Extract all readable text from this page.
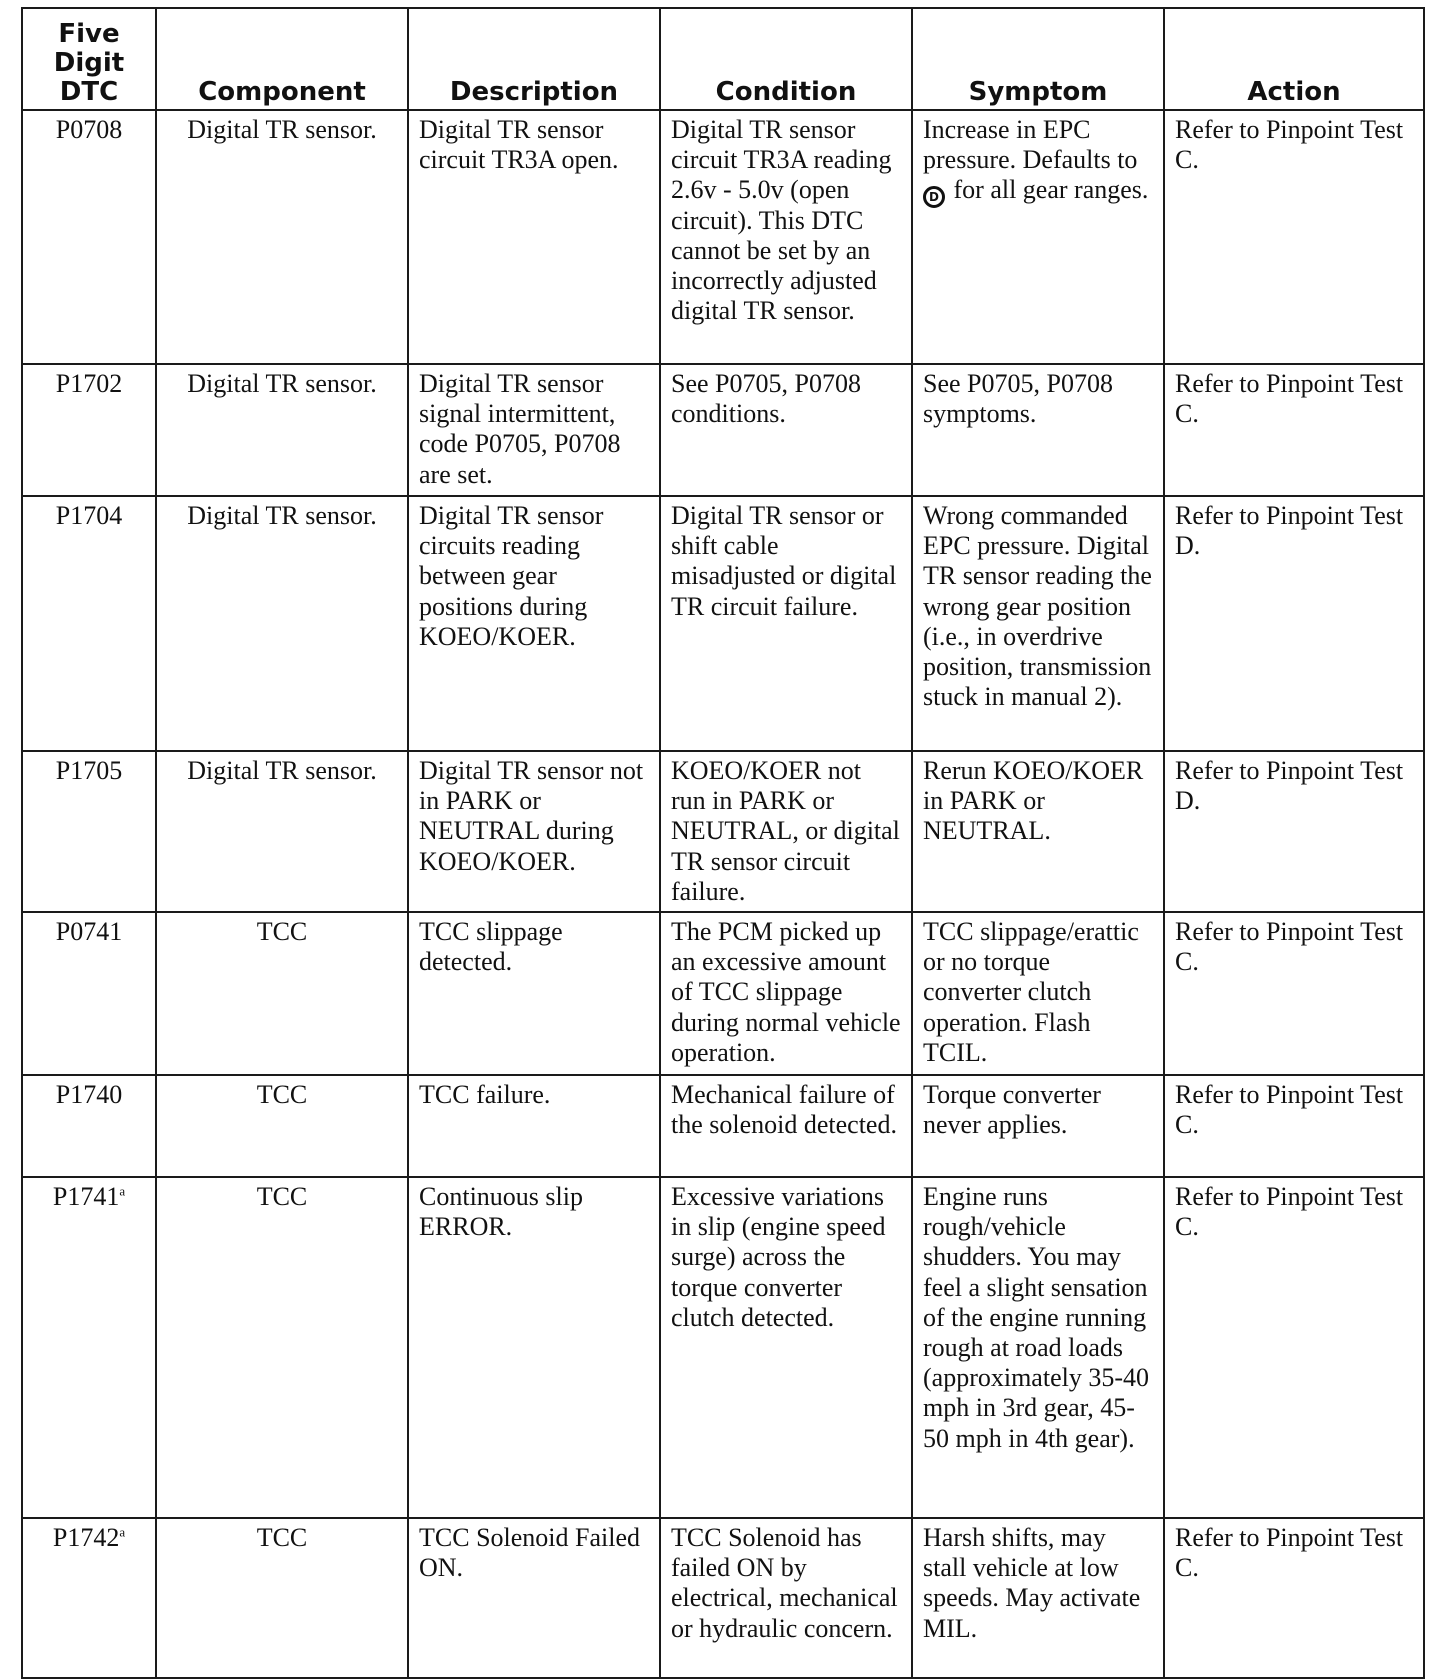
Five
Digit
DTC	Component	Description	Condition	Symptom	Action
P0708	Digital TR sensor.	Digital TR sensor circuit TR3A open.	Digital TR sensor circuit TR3A reading 2.6v - 5.0v (open circuit). This DTC cannot be set by an incorrectly adjusted digital TR sensor.	Increase in EPC pressure. Defaults to D for all gear ranges.	Refer to Pinpoint Test C.
P1702	Digital TR sensor.	Digital TR sensor signal intermittent, code P0705, P0708 are set.	See P0705, P0708 conditions.	See P0705, P0708 symptoms.	Refer to Pinpoint Test C.
P1704	Digital TR sensor.	Digital TR sensor circuits reading between gear positions during KOEO/KOER.	Digital TR sensor or shift cable misadjusted or digital TR circuit failure.	Wrong commanded EPC pressure. Digital TR sensor reading the wrong gear position (i.e., in overdrive position, transmission stuck in manual 2).	Refer to Pinpoint Test D.
P1705	Digital TR sensor.	Digital TR sensor not in PARK or NEUTRAL during KOEO/KOER.	KOEO/KOER not run in PARK or NEUTRAL, or digital TR sensor circuit failure.	Rerun KOEO/KOER in PARK or NEUTRAL.	Refer to Pinpoint Test D.
P0741	TCC	TCC slippage detected.	The PCM picked up an excessive amount of TCC slippage during normal vehicle operation.	TCC slippage/erattic or no torque converter clutch operation. Flash TCIL.	Refer to Pinpoint Test C.
P1740	TCC	TCC failure.	Mechanical failure of the solenoid detected.	Torque converter never applies.	Refer to Pinpoint Test C.
P1741$^a$	TCC	Continuous slip ERROR.	Excessive variations in slip (engine speed surge) across the torque converter clutch detected.	Engine runs rough/vehicle shudders. You may feel a slight sensation of the engine running rough at road loads (approximately 35-40 mph in 3rd gear, 45-50 mph in 4th gear).	Refer to Pinpoint Test C.
P1742$^a$	TCC	TCC Solenoid Failed ON.	TCC Solenoid has failed ON by electrical, mechanical or hydraulic concern.	Harsh shifts, may stall vehicle at low speeds. May activate MIL.	Refer to Pinpoint Test C.
